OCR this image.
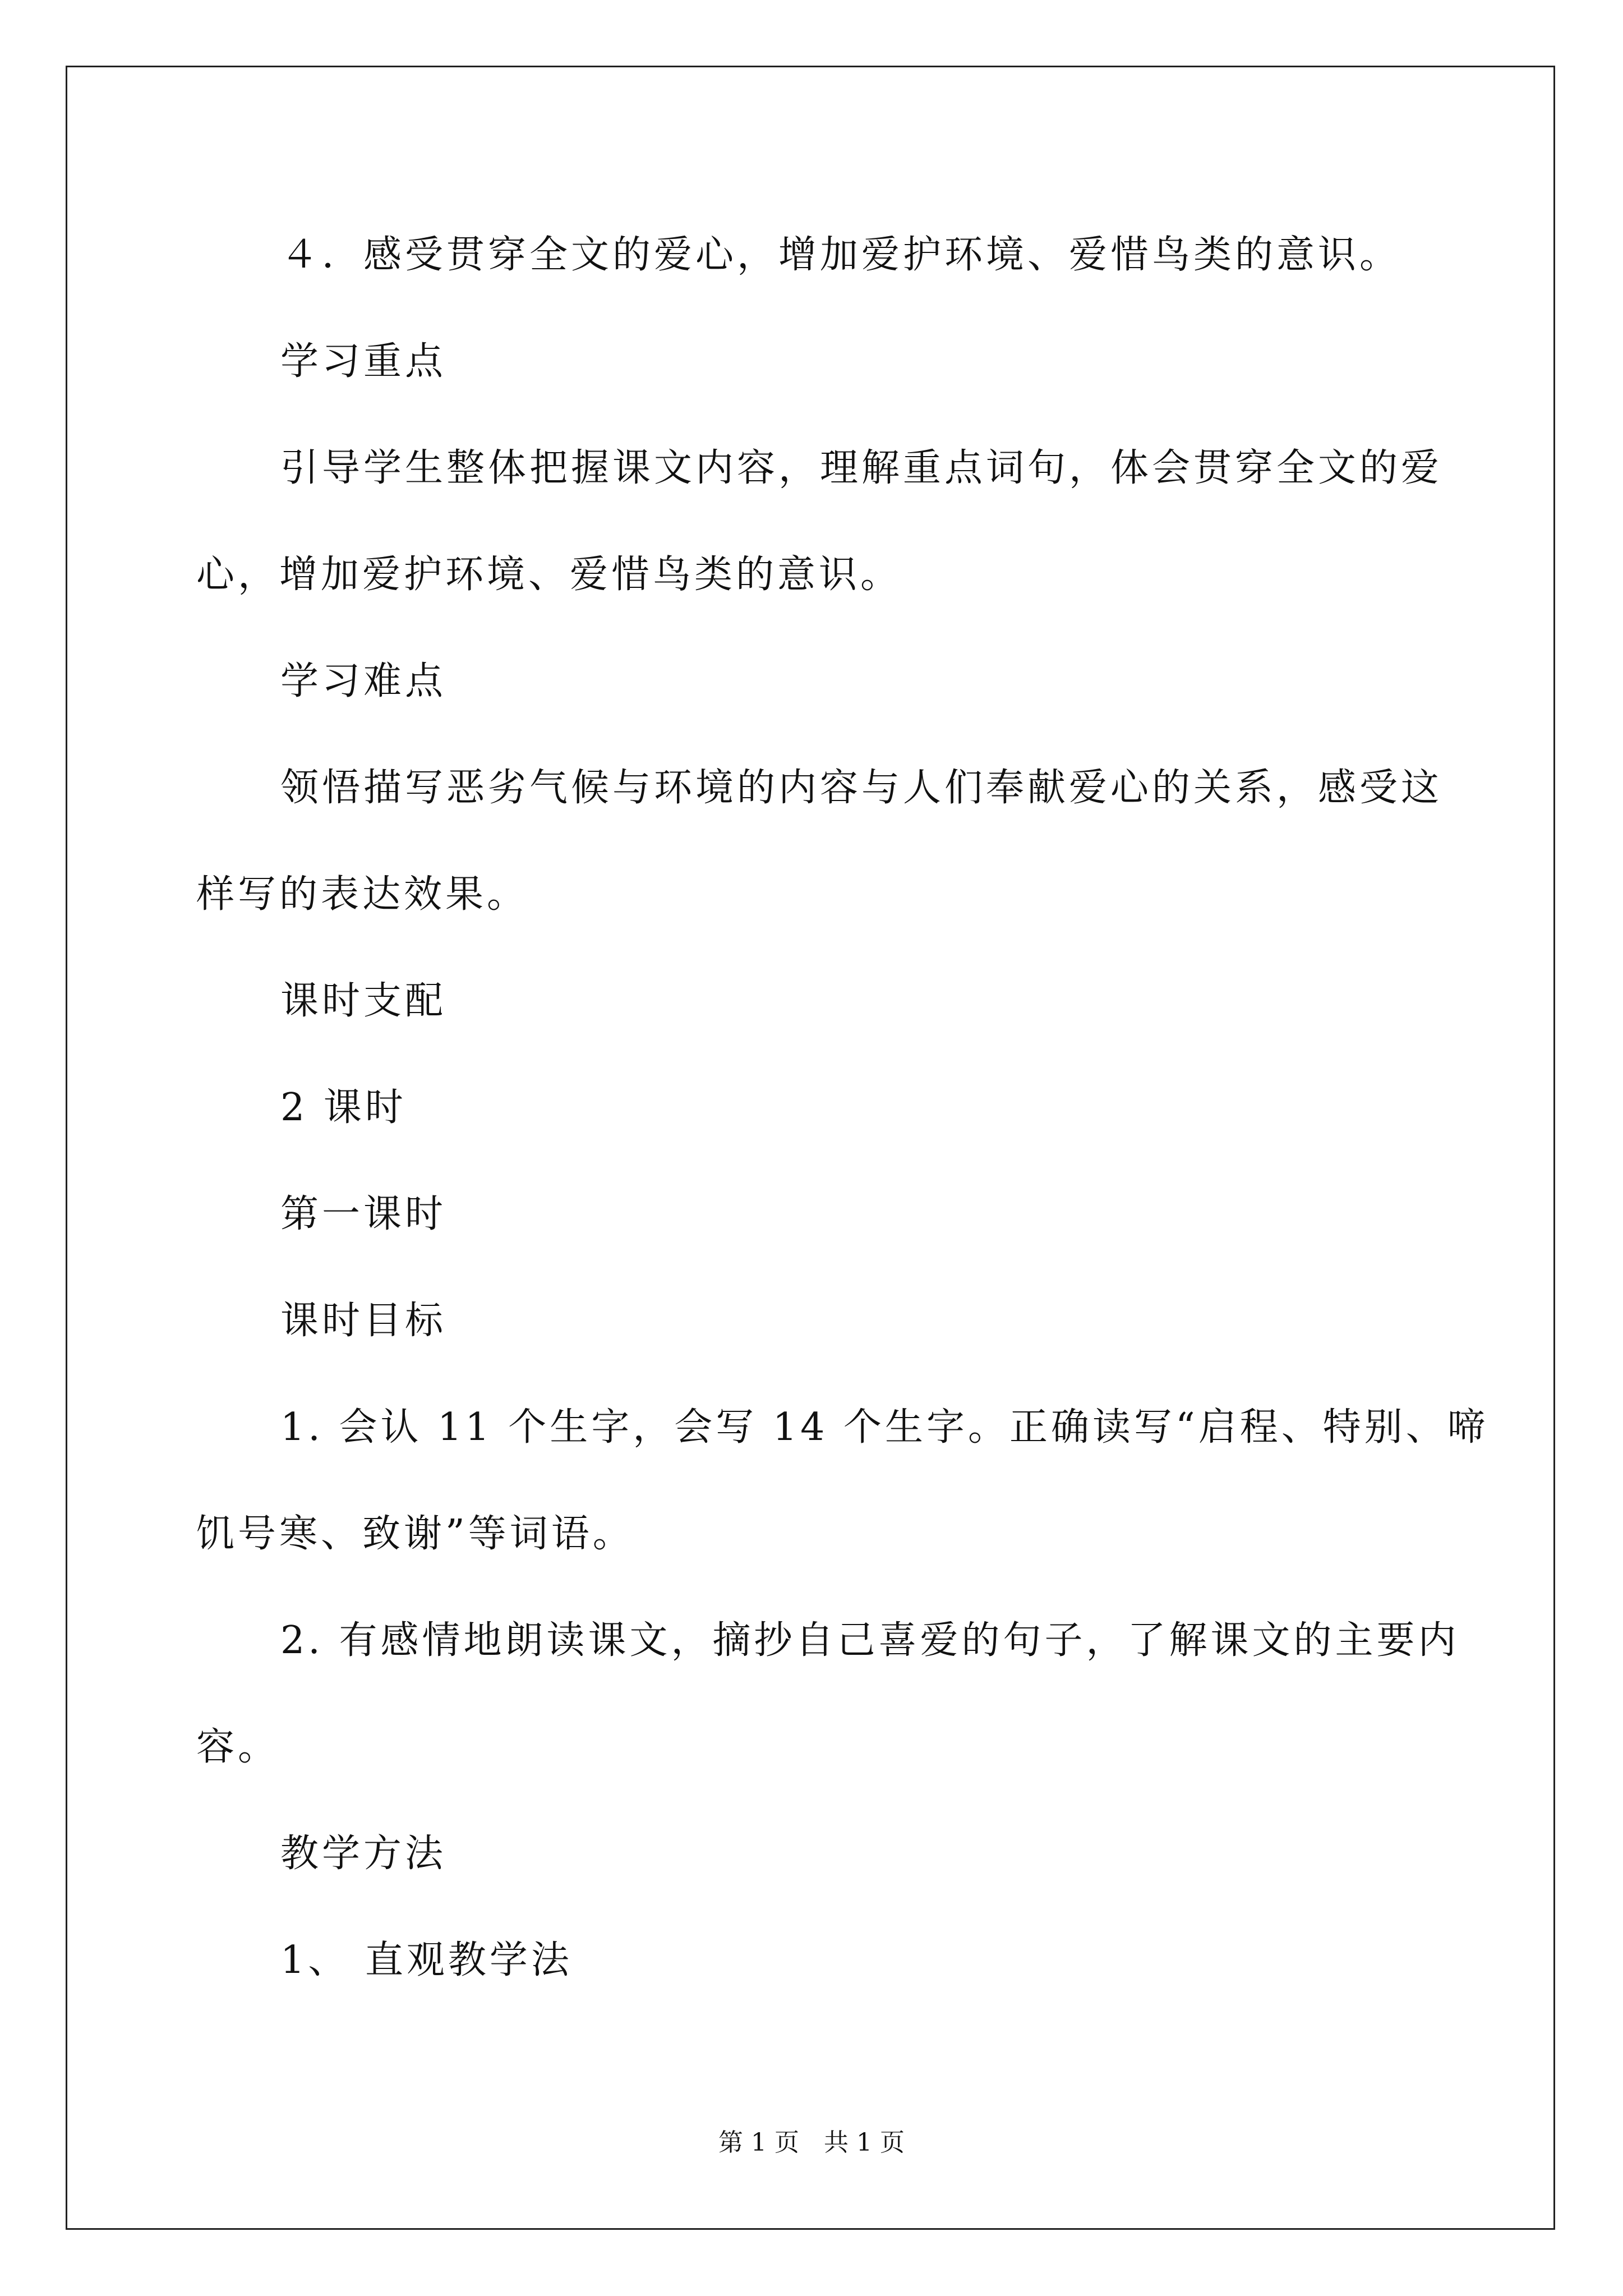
４．感受贯穿全文的爱心，增加爱护环境、爱惜鸟类的意识。
学习重点
引导学生整体把握课文内容，理解重点词句，体会贯穿全文的爱
心，增加爱护环境、爱惜鸟类的意识。
学习难点
领悟描写恶劣气候与环境的内容与人们奉献爱心的关系，感受这
样写的表达效果。
课时支配
2 课时
第一课时
课时目标
1. 会认 11 个生字，会写 14 个生字。正确读写“启程、特别、啼
饥号寒、致谢”等词语。
2. 有感情地朗读课文，摘抄自己喜爱的句子，了解课文的主要内
容。
教学方法
1、 直观教学法
第 1 页　共 1 页
